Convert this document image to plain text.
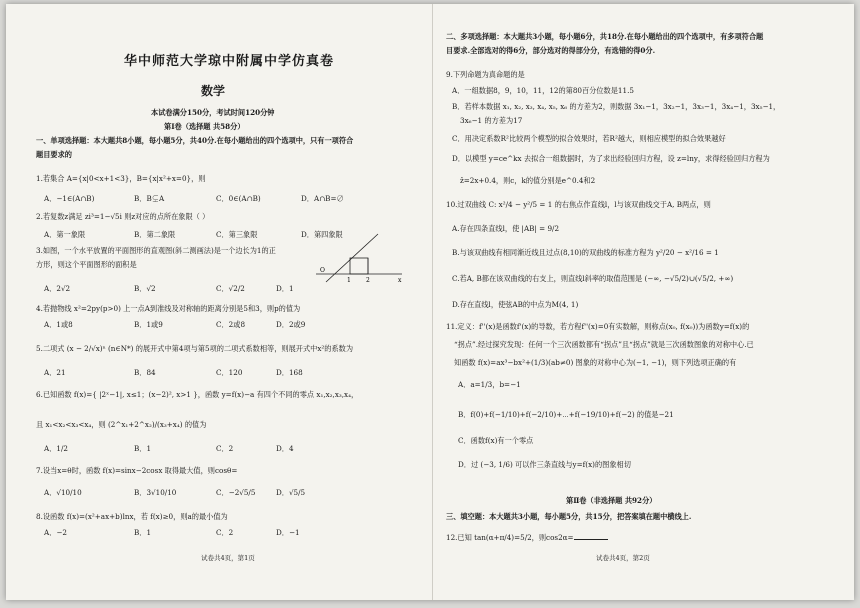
华中师范大学琼中附属中学仿真卷
数学
本试卷满分150分，考试时间120分钟
第Ⅰ卷（选择题 共58分）
一、单项选择题：本大题共8小题，每小题5分，共40分.在每小题给出的四个选项中，只有一项符合
题目要求的
1.若集合 A={x|0<x+1<3}，B={x|x²+x=0}，则
A．−1∈(A∩B)	B．B⊊A	C．0∈(A∩B)	D．A∩B=∅
2.若复数z满足 zi³=1−√5i 则z对应的点所在象限（ ）
A．第一象限	B．第二象限	C．第三象限	D．第四象限
3.如图，一个水平放置的平面图形的直观图(斜二测画法)是一个边长为1的正
方形，则这个平面图形的面积是
A．2√2	B．√2	C．√2/2	D．1
O
1	2	x
4.若抛物线 x²=2py(p>0) 上一点A到准线及对称轴的距离分别是5和3，则p的值为
A．1或8	B．1或9	C．2或8	D．2或9
5.二项式 (x − 2/√x)ⁿ (n∈N*) 的展开式中第4项与第5项的二项式系数相等，则展开式中x²的系数为
A．21	B．84	C．120	D．168
6.已知函数 f(x)={ |2ˣ−1|, x≤1；(x−2)², x>1 }，函数 y=f(x)−a 有四个不同的零点 x₁,x₂,x₃,x₄，
且 x₁<x₂<x₃<x₄，则 (2^x₁+2^x₂)/(x₃+x₄) 的值为
A．1/2	B．1	C．2	D．4
7.设当x=θ时，函数 f(x)=sinx−2cosx 取得最大值，则cosθ=
A．√10/10	B．3√10/10	C．−2√5/5	D．√5/5
8.设函数 f(x)=(x²+ax+b)lnx，若 f(x)≥0，则a的最小值为
A．−2	B．1	C．2	D．−1
试卷共4页，第1页
二、多项选择题：本大题共3小题，每小题6分，共18分.在每小题给出的四个选项中，有多项符合题
目要求.全部选对的得6分，部分选对的得部分分，有选错的得0分.
9.下列命题为真命题的是
A．一组数据8，9，10，11，12的第80百分位数是11.5
B．若样本数据 x₁, x₂, x₃, x₄, x₅, x₆ 的方差为2，则数据 3x₁−1，3x₂−1，3x₃−1，3x₄−1，3x₅−1，
3x₆−1 的方差为17
C．用决定系数R²比较两个模型的拟合效果时，若R²越大，则相应模型的拟合效果越好
D．以模型 y=ce^kx 去拟合一组数据时，为了求出经验回归方程，设 z=lny，求得经验回归方程为
ẑ=2x+0.4，则c，k的值分别是e^0.4和2
10.过双曲线 C: x²/4 − y²/5 = 1 的右焦点作直线l，l与该双曲线交于A, B两点，则
A.存在四条直线l，使 |AB| = 9/2
B.与该双曲线有相同渐近线且过点(8,10)的双曲线的标准方程为 y²/20 − x²/16 = 1
C.若A, B都在该双曲线的右支上，则直线l斜率的取值范围是 (−∞, −√5/2)∪(√5/2, +∞)
D.存在直线l，使弦AB的中点为M(4, 1)
11.定义：f''(x)是函数f'(x)的导数，若方程f''(x)=0有实数解，则称点(x₀, f(x₀))为函数y=f(x)的
“拐点”.经过探究发现：任何一个三次函数都有“拐点”且“拐点”就是三次函数图象的对称中心.已
知函数 f(x)=ax³−bx²+(1/3)(ab≠0) 图象的对称中心为(−1, −1)，则下列选项正确的有
A．a=1/3，b=−1
B．f(0)+f(−1/10)+f(−2/10)+⋯+f(−19/10)+f(−2) 的值是−21
C．函数f(x)有一个零点
D．过 (−3, 1/6) 可以作三条直线与y=f(x)的图象相切
第Ⅱ卷（非选择题 共92分）
三、填空题：本大题共3小题，每小题5分，共15分，把答案填在题中横线上.
12.已知 tan(α+π/4)=5/2，则cos2α=
试卷共4页，第2页
